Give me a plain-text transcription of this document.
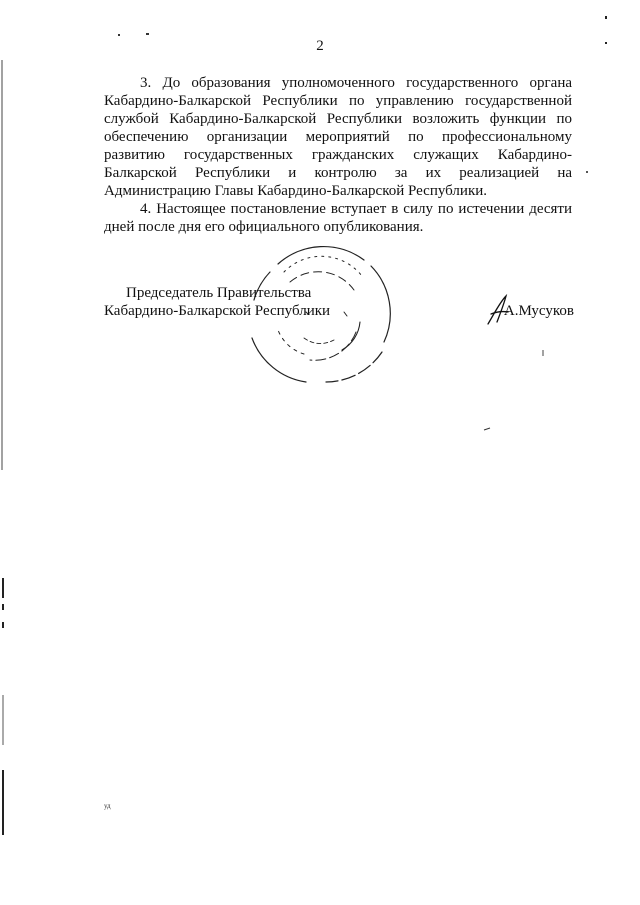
2

3. До образования уполномоченного государственного органа Кабардино-Балкарской Республики по управлению государственной службой Кабардино-Балкарской Республики возложить функции по обеспечению организации мероприятий по профессиональному развитию государственных гражданских служащих Кабардино-Балкарской Республики и контролю за их реализацией на Администрацию Главы Кабардино-Балкарской Республики.

4. Настоящее постановление вступает в силу по истечении десяти дней после дня его официального опубликования.

Председатель Правительства
Кабардино-Балкарской Республики	А.Мусуков
уд
